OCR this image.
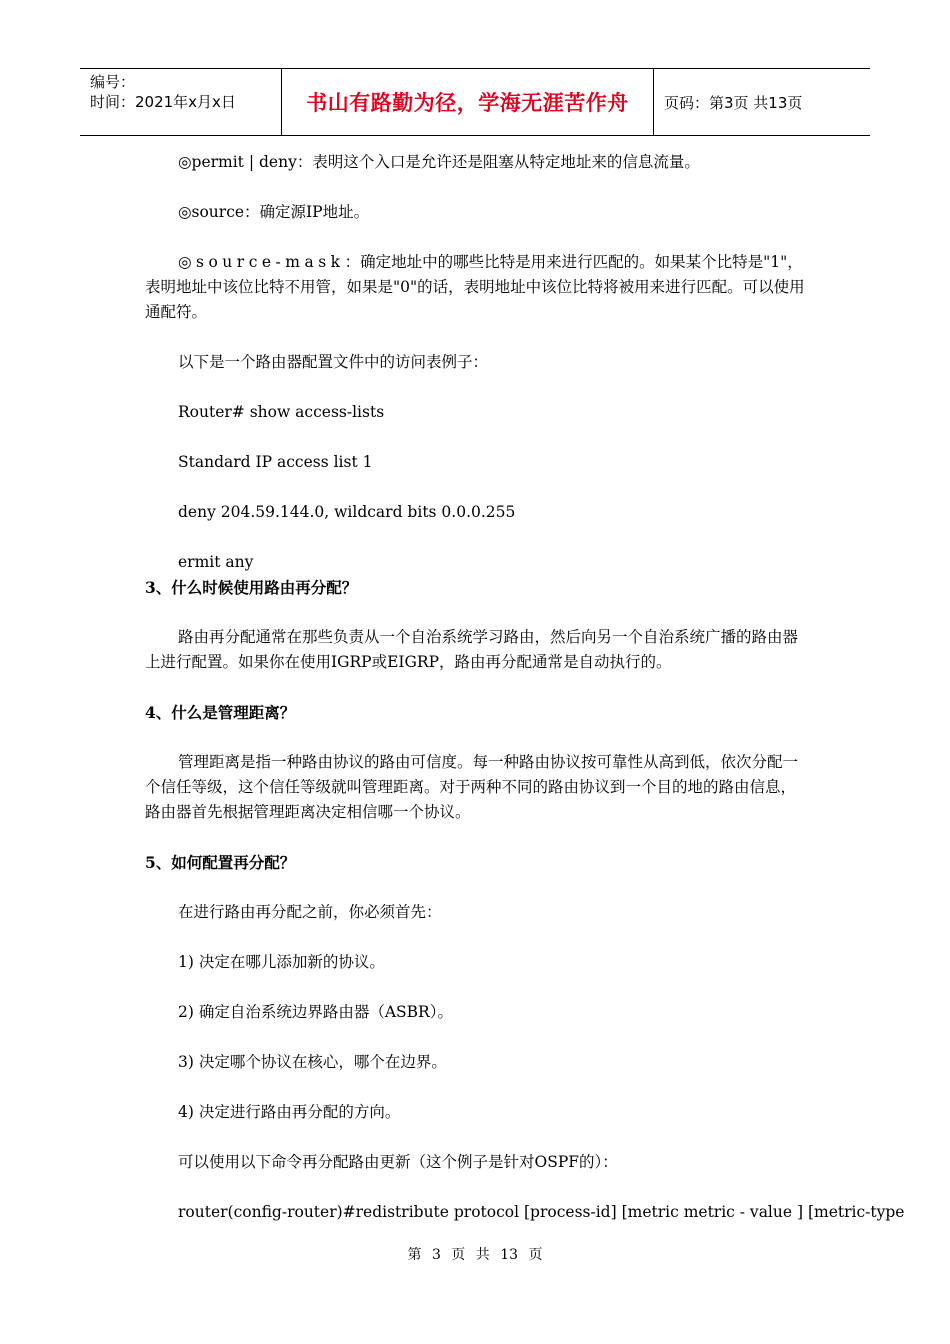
编号：
时间：2021年x月x日	书山有路勤为径，学海无涯苦作舟	页码：第3页 共13页

◎permit | deny：表明这个入口是允许还是阻塞从特定地址来的信息流量。

◎source：确定源IP地址。

◎source-mask：确定地址中的哪些比特是用来进行匹配的。如果某个比特是"1"，表明地址中该位比特不用管，如果是"0"的话，表明地址中该位比特将被用来进行匹配。可以使用通配符。

以下是一个路由器配置文件中的访问表例子：

Router# show access-lists

Standard IP access list 1

deny 204.59.144.0, wildcard bits 0.0.0.255

ermit any

3、什么时候使用路由再分配？

路由再分配通常在那些负责从一个自治系统学习路由，然后向另一个自治系统广播的路由器上进行配置。如果你在使用IGRP或EIGRP，路由再分配通常是自动执行的。

4、什么是管理距离？

管理距离是指一种路由协议的路由可信度。每一种路由协议按可靠性从高到低，依次分配一个信任等级，这个信任等级就叫管理距离。对于两种不同的路由协议到一个目的地的路由信息，路由器首先根据管理距离决定相信哪一个协议。

5、如何配置再分配？

在进行路由再分配之前，你必须首先：

1) 决定在哪儿添加新的协议。

2) 确定自治系统边界路由器（ASBR）。

3) 决定哪个协议在核心，哪个在边界。

4) 决定进行路由再分配的方向。

可以使用以下命令再分配路由更新（这个例子是针对OSPF的）：

router(config-router)#redistribute protocol [process-id] [metric metric - value ] [metric-type

第 3 页 共 13 页
